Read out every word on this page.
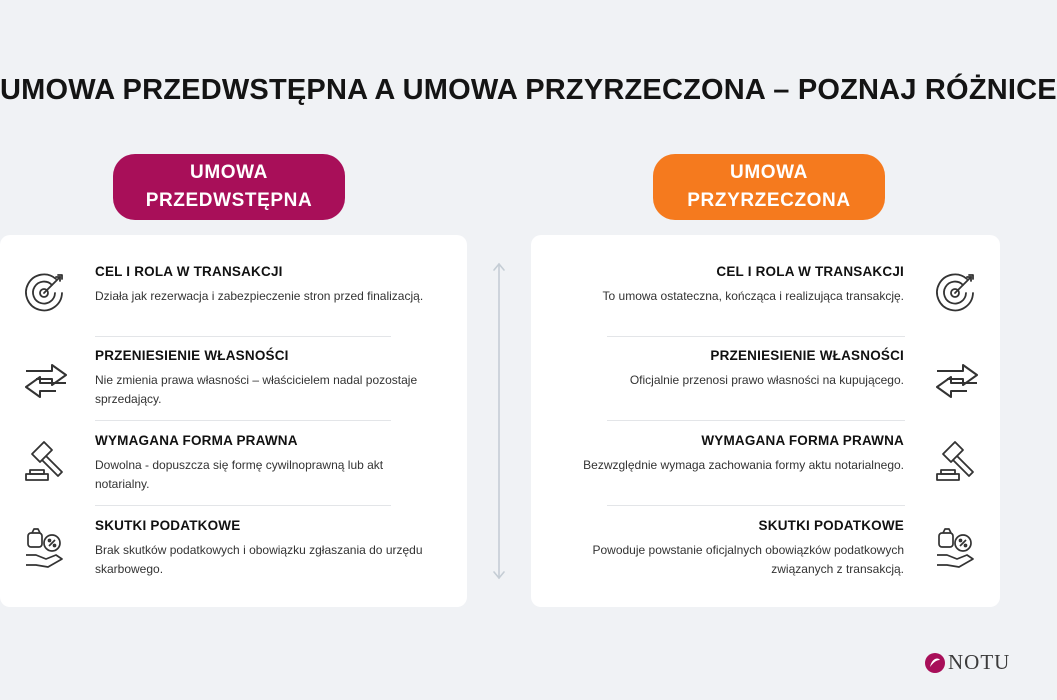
UMOWA PRZEDWSTĘPNA A UMOWA PRZYRZECZONA – POZNAJ RÓŻNICE
UMOWA
PRZEDWSTĘPNA
UMOWA
PRZYRZECZONA
CEL I ROLA W TRANSAKCJI
Działa jak rezerwacja i zabezpieczenie stron przed finalizacją.
PRZENIESIENIE WŁASNOŚCI
Nie zmienia prawa własności – właścicielem nadal pozostaje sprzedający.
WYMAGANA FORMA PRAWNA
Dowolna - dopuszcza się formę cywilnoprawną lub akt notarialny.
SKUTKI PODATKOWE
Brak skutków podatkowych i obowiązku zgłaszania do urzędu skarbowego.
CEL I ROLA W TRANSAKCJI
To umowa ostateczna, kończąca i realizująca transakcję.
PRZENIESIENIE WŁASNOŚCI
Oficjalnie przenosi prawo własności na kupującego.
WYMAGANA FORMA PRAWNA
Bezwzględnie wymaga zachowania formy aktu notarialnego.
SKUTKI PODATKOWE
Powoduje powstanie oficjalnych obowiązków podatkowych związanych z transakcją.
NOTU
